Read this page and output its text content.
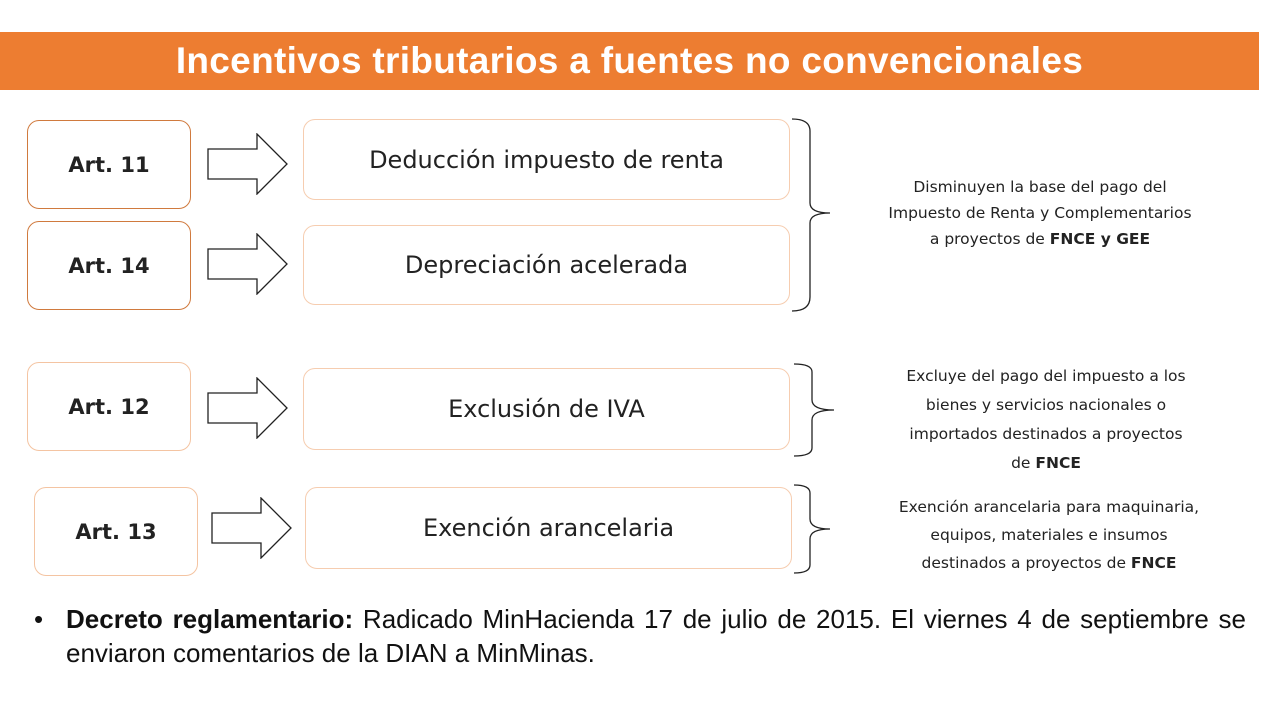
Incentivos tributarios a fuentes no convencionales
Art. 11	Deducción impuesto de renta
Art. 14	Depreciación acelerada
Disminuyen la base del pago del
Impuesto de Renta y Complementarios
a proyectos de FNCE y GEE
Art. 12	Exclusión de IVA
Excluye del pago del impuesto a los
bienes y servicios nacionales o
importados destinados a proyectos
de FNCE
Art. 13	Exención arancelaria
Exención arancelaria para maquinaria,
equipos, materiales e insumos
destinados a proyectos de FNCE
• Decreto reglamentario: Radicado MinHacienda 17 de julio de 2015. El viernes 4 de septiembre se enviaron comentarios de la DIAN a MinMinas.
